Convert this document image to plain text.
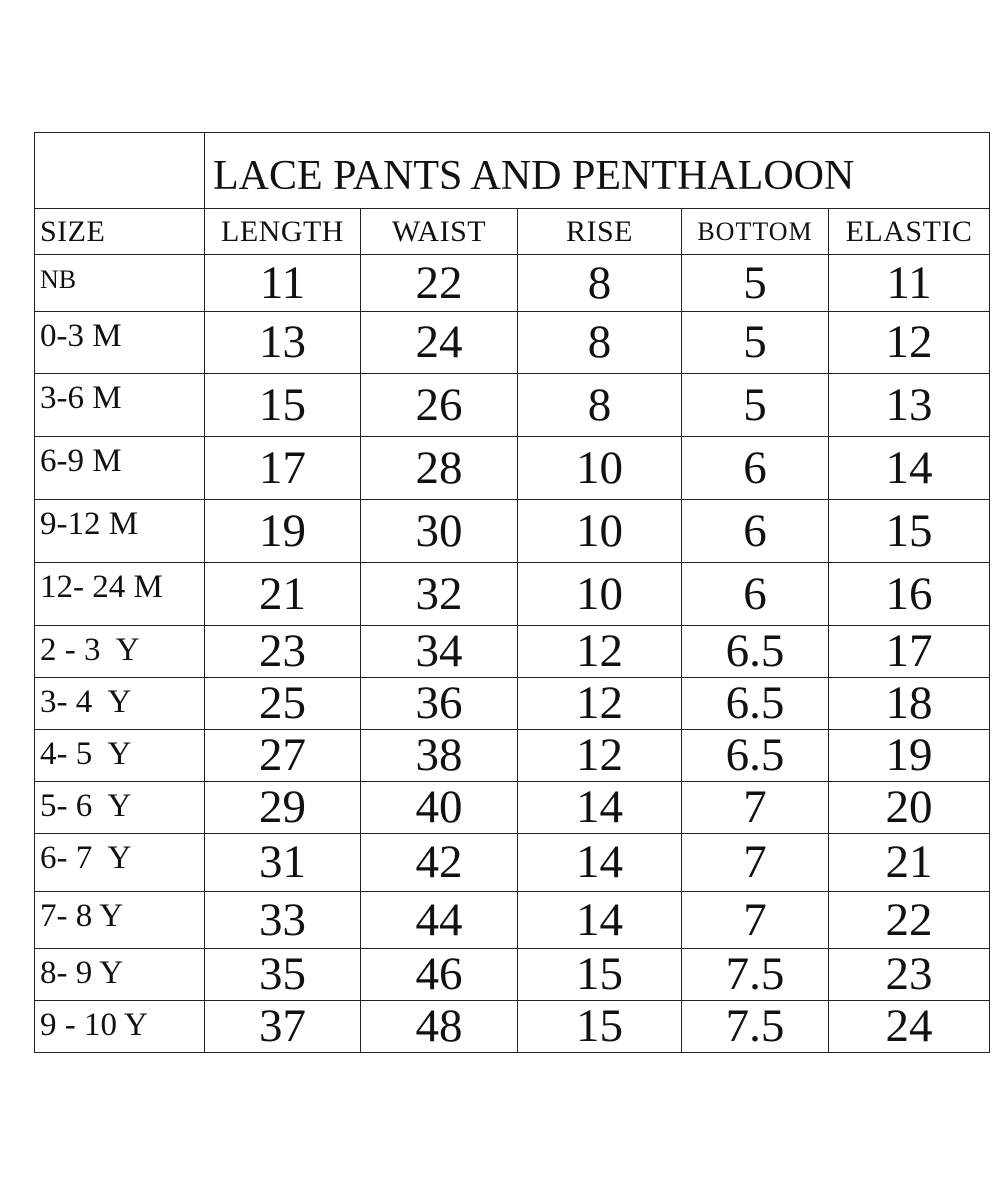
	LACE PANTS AND PENTHALOON				
SIZE	LENGTH	WAIST	RISE	BOTTOM	ELASTIC
NB	11	22	8	5	11
0-3 M	13	24	8	5	12
3-6 M	15	26	8	5	13
6-9 M	17	28	10	6	14
9-12 M	19	30	10	6	15
12- 24 M	21	32	10	6	16
2 - 3  Y	23	34	12	6.5	17
3- 4  Y	25	36	12	6.5	18
4- 5  Y	27	38	12	6.5	19
5- 6  Y	29	40	14	7	20
6- 7  Y	31	42	14	7	21
7- 8 Y	33	44	14	7	22
8- 9 Y	35	46	15	7.5	23
9 - 10 Y	37	48	15	7.5	24
